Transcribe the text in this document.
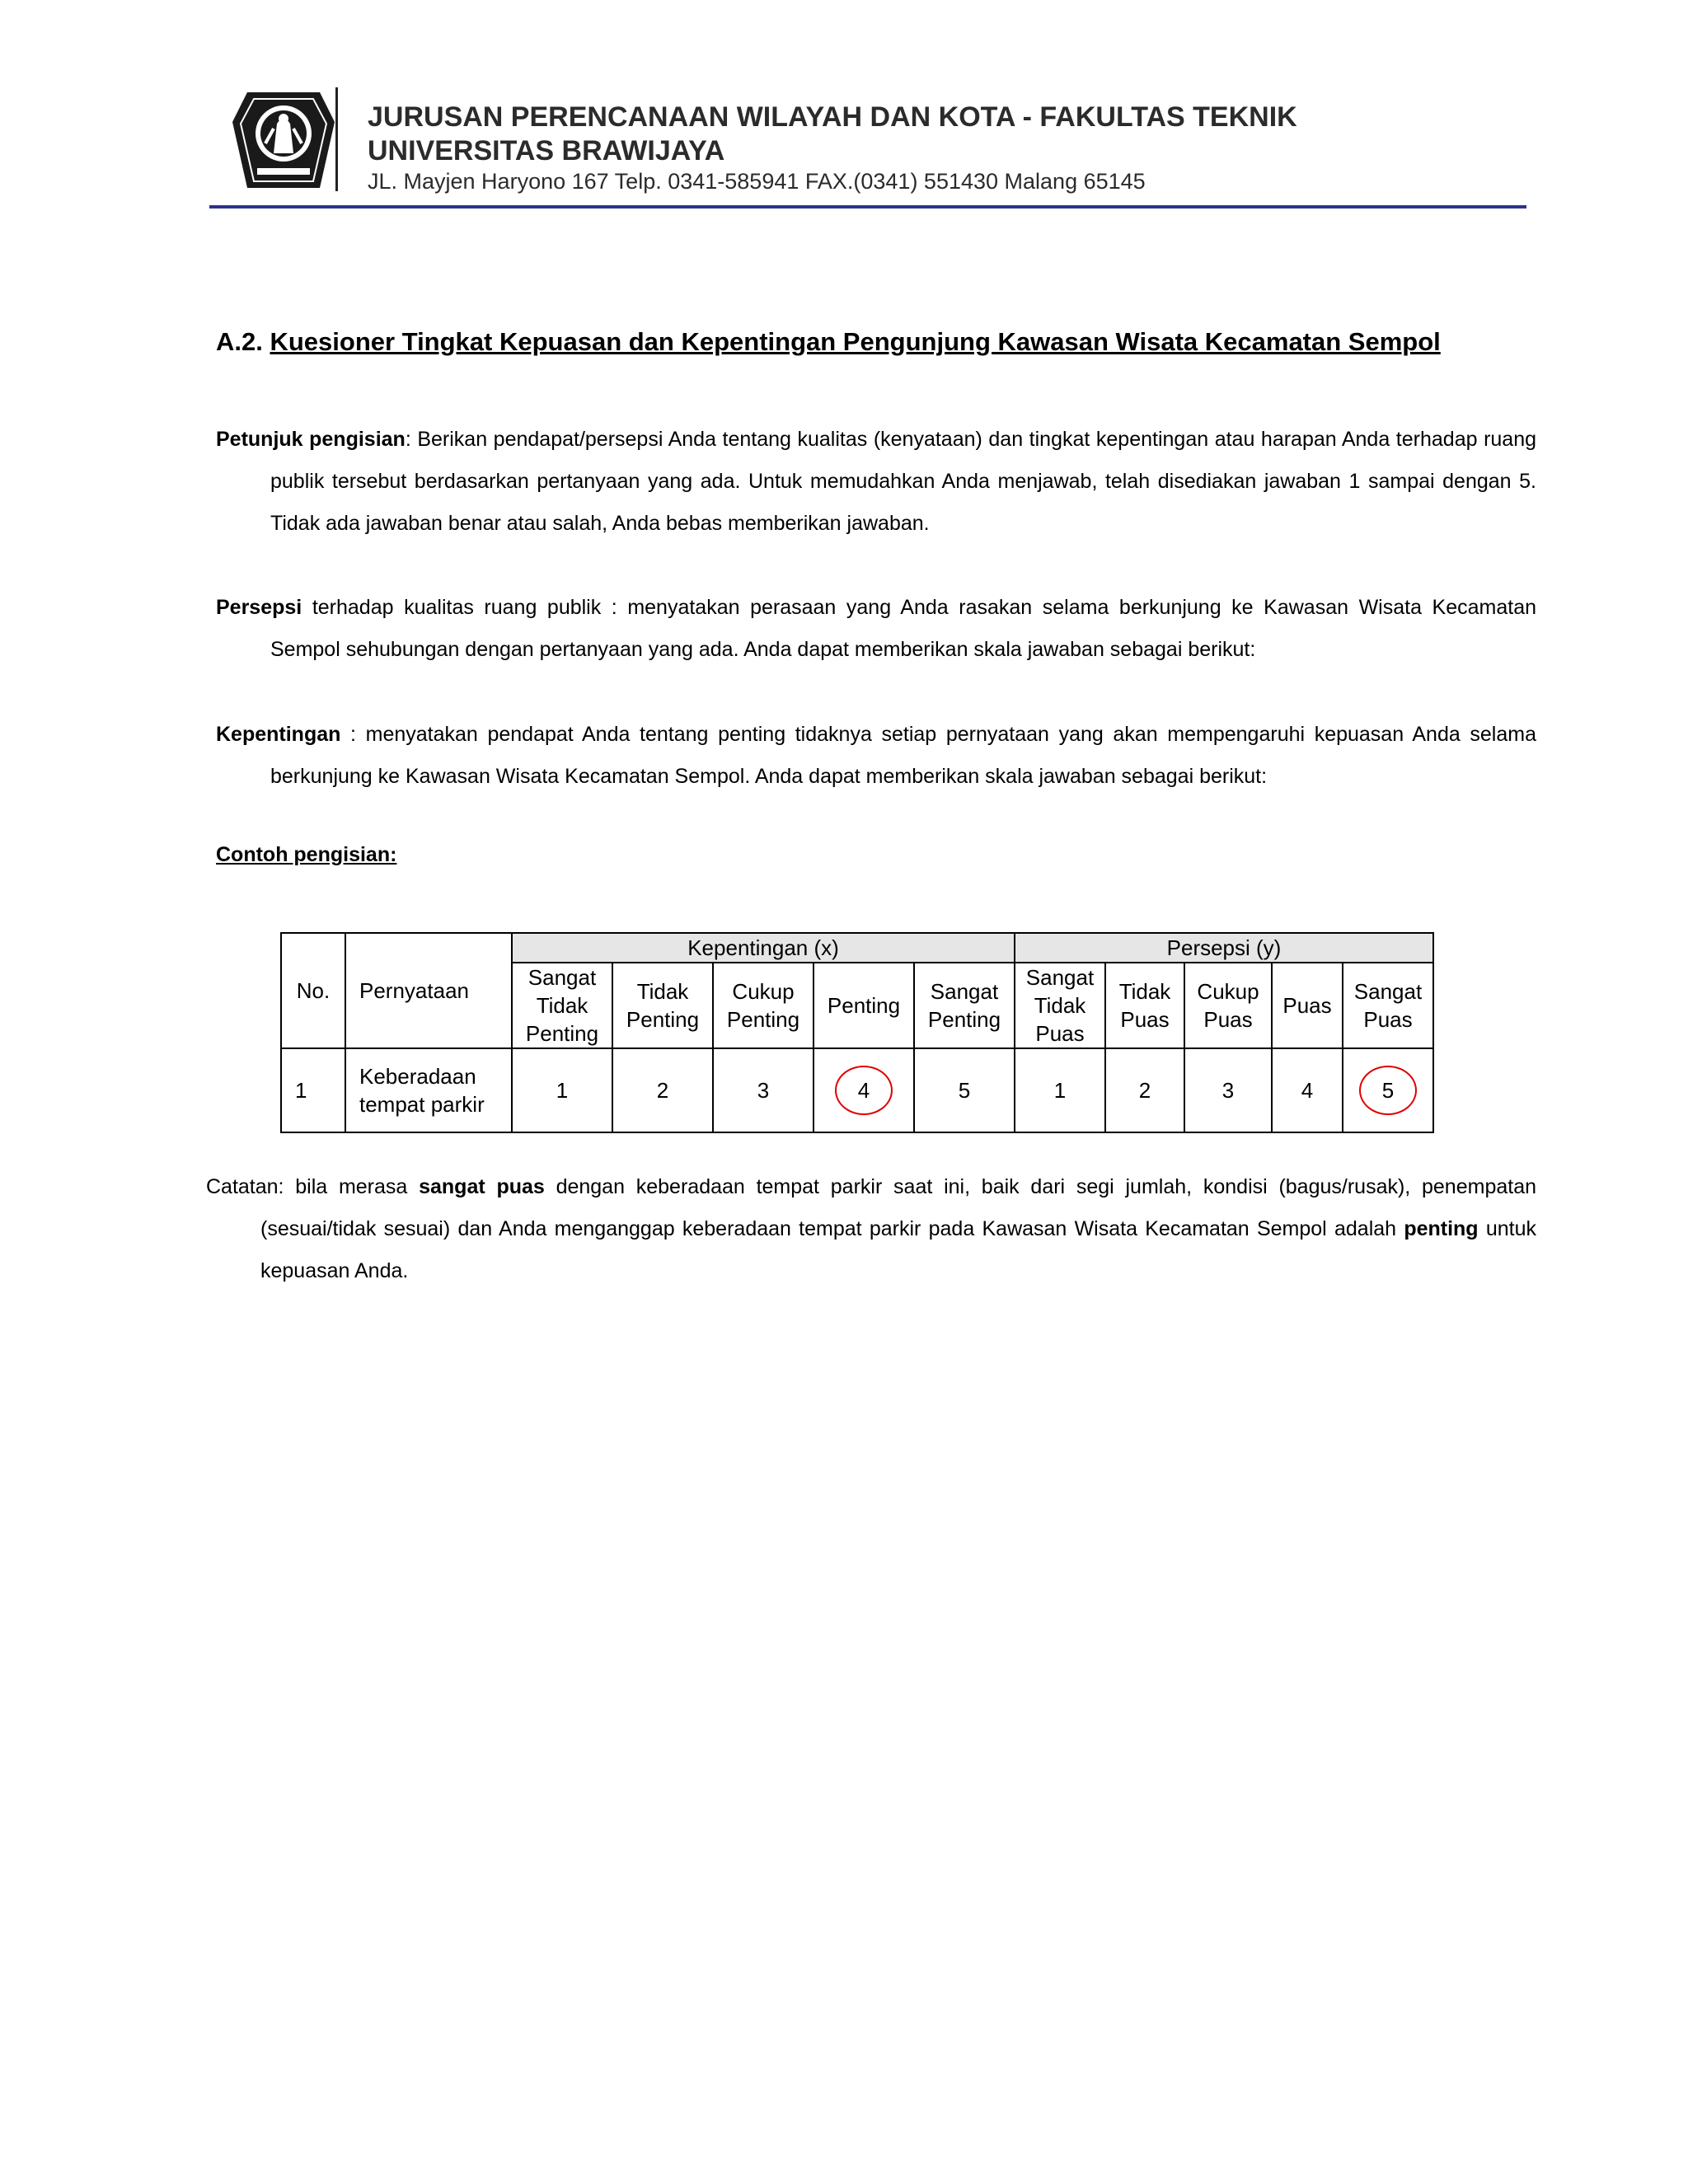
JURUSAN PERENCANAAN WILAYAH DAN KOTA - FAKULTAS TEKNIK
UNIVERSITAS BRAWIJAYA
JL. Mayjen Haryono 167 Telp. 0341-585941 FAX.(0341) 551430 Malang 65145
A.2. Kuesioner Tingkat Kepuasan dan Kepentingan Pengunjung Kawasan Wisata Kecamatan Sempol
Petunjuk pengisian: Berikan pendapat/persepsi Anda tentang kualitas (kenyataan) dan tingkat kepentingan atau harapan Anda terhadap ruang publik tersebut berdasarkan pertanyaan yang ada. Untuk memudahkan Anda menjawab, telah disediakan jawaban 1 sampai dengan 5. Tidak ada jawaban benar atau salah, Anda bebas memberikan jawaban.
Persepsi terhadap kualitas ruang publik : menyatakan perasaan yang Anda rasakan selama berkunjung ke Kawasan Wisata Kecamatan Sempol sehubungan dengan pertanyaan yang ada. Anda dapat memberikan skala jawaban sebagai berikut:
Kepentingan : menyatakan pendapat Anda tentang penting tidaknya setiap pernyataan yang akan mempengaruhi kepuasan Anda selama berkunjung ke Kawasan Wisata Kecamatan Sempol. Anda dapat memberikan skala jawaban sebagai berikut:
Contoh pengisian:
No.	Pernyataan	Kepentingan (x)					Persepsi (y)				
		Sangat Tidak Penting	Tidak Penting	Cukup Penting	Penting	Sangat Penting	Sangat Tidak Puas	Tidak Puas	Cukup Puas	Puas	Sangat Puas
1	Keberadaan tempat parkir	1	2	3	4	5	1	2	3	4	5
Catatan: bila merasa sangat puas dengan keberadaan tempat parkir saat ini, baik dari segi jumlah, kondisi (bagus/rusak), penempatan (sesuai/tidak sesuai) dan Anda menganggap keberadaan tempat parkir pada Kawasan Wisata Kecamatan Sempol adalah penting untuk kepuasan Anda.
